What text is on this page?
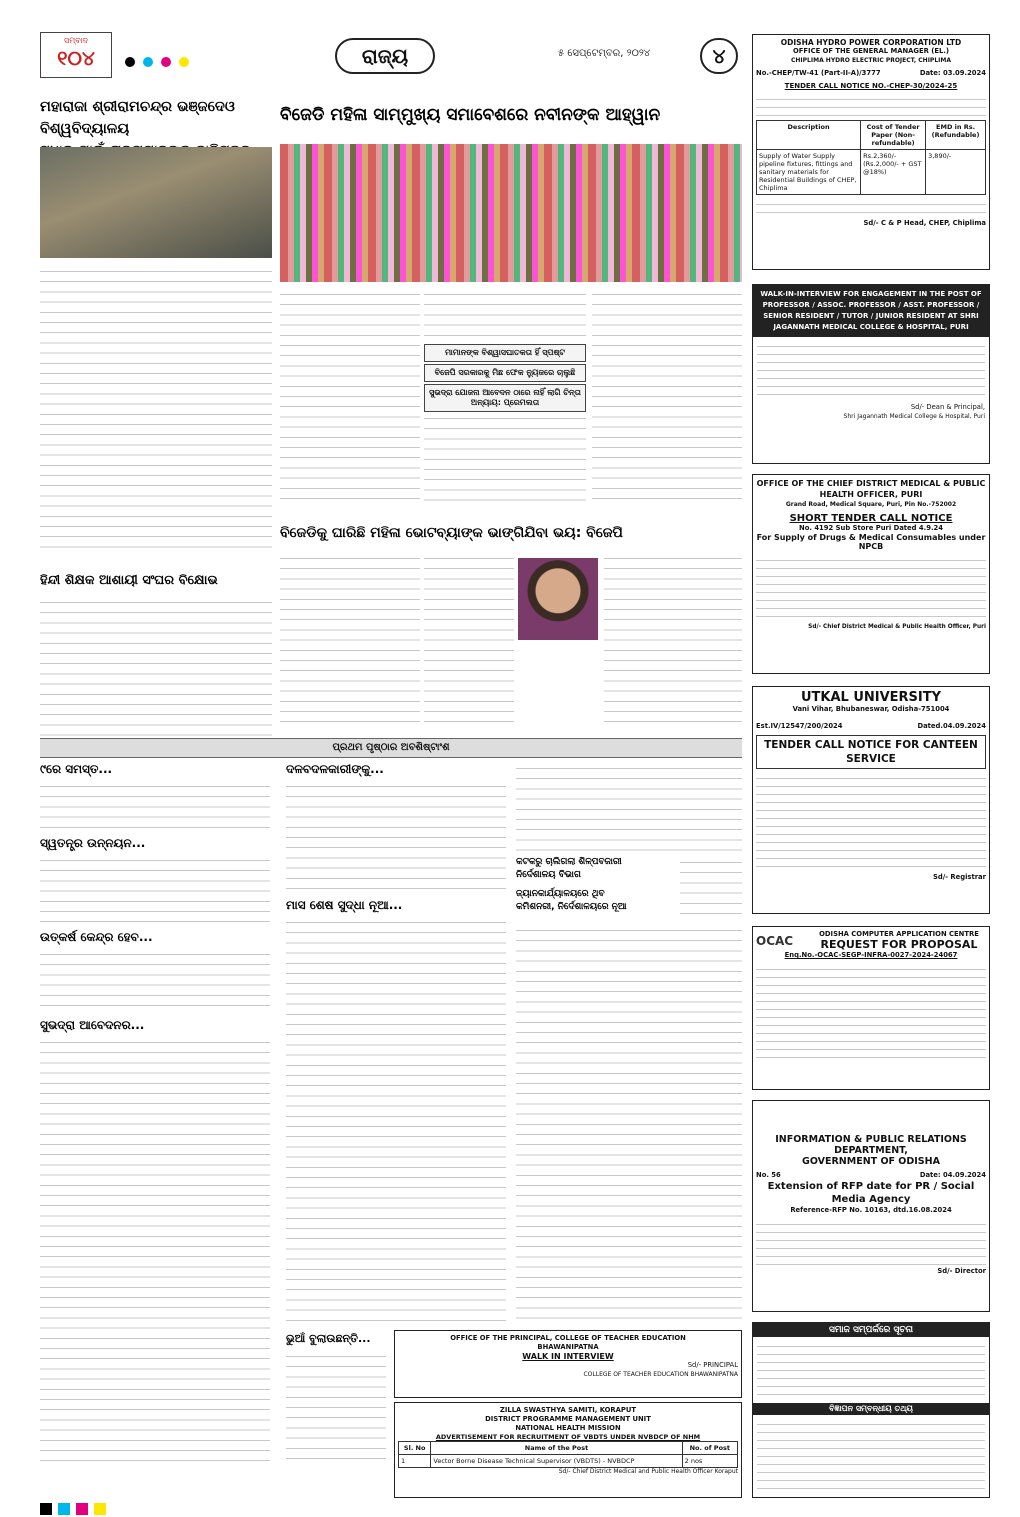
ସମ୍ବାଦ
୧୦୪	ରାଜ୍ୟ	୫ ସେପ୍ଟେମ୍ବର, ୨୦୨୪	୪
ମହାରାଜା ଶ୍ରୀରାମଚନ୍ଦ୍ର ଭଞ୍ଜଦେଓ ବିଶ୍ୱବିଦ୍ୟାଳୟ
ହିନ୍ଦୀ ଶିକ୍ଷକ ଆଶାୟୀ ସଂଘର ବିକ୍ଷୋଭ
ବିଜେଡି ମହିଳା ସାମ୍ମୁଖ୍ୟ ସମାବେଶରେ ନବୀନଙ୍କ ଆହ୍ୱାନ
ମାମାନଙ୍କ ବିଶ୍ୱାସଘାତକତା ହିଁ ସ୍ପଷ୍ଟ
ବିଜେପି ସରକାରକୁ ମିଛ ଫେକ ନ୍ୟୁଜରେ ଚାଲୁଛି
ସୁଭଦ୍ରା ଯୋଜନା ଆବେଦନ ଠାରେ ନାହିଁ ଲାଗି ଚିନ୍ତା
ଅନ୍ୟାୟ: ପ୍ରେମଲତା
ବିଜେଡିକୁ ଘାରିଛି ମହିଳା ଭୋଟବ୍ୟାଙ୍କ ଭାଙ୍ଗିଯିବା ଭୟ: ବିଜେପି
ପ୍ରଥମ ପୃଷ୍ଠାର ଅବଶିଷ୍ଟାଂଶ
୯ରେ ସମସ୍ତ...
ସ୍ୱତନ୍ତ୍ର ଉନ୍ନୟନ...
ଉତ୍କର୍ଷ କେନ୍ଦ୍ର ହେବ...
ସୁଭଦ୍ରା ଆବେଦନର...
ଦଳବଦଳକାରୀଙ୍କୁ...
ମାସ ଶେଷ ସୁଦ୍ଧା ନୂଆ...
କଟକରୁ ଚାଲିଗଲା ଶିଳ୍ପବଜାରୀ
ନିର୍ଦେଶାଳୟ ବିଭାଗ
ଜ୍ୟାନକାର୍ଯ୍ୟାଳୟରେ ଥିବ
କମିଶନରୀ, ନିର୍ଦେଶାଳୟରେ ନୂଆ
OFFICE OF THE PRINCIPAL, COLLEGE OF TEACHER EDUCATION
BHAWANIPATNA
WALK IN INTERVIEW
Sd/- PRINCIPAL
COLLEGE OF TEACHER EDUCATION BHAWANIPATNA
ଭୁଆଁ ବୁଲାଉଛନ୍ତି...
ZILLA SWASTHYA SAMITI, KORAPUT
DISTRICT PROGRAMME MANAGEMENT UNIT
NATIONAL HEALTH MISSION
ADVERTISEMENT FOR RECRUITMENT OF VBDTS UNDER NVBDCP OF NHM
Sl. No	Name of the Post	No. of Post
1	Vector Borne Disease Technical Supervisor (VBDTS) - NVBDCP	2 nos
Sd/- Chief District Medical and Public Health Officer Koraput
ODISHA HYDRO POWER CORPORATION LTD
OFFICE OF THE GENERAL MANAGER (EL.)
CHIPLIMA HYDRO ELECTRIC PROJECT, CHIPLIMA
No.-CHEP/TW-41 (Part-II-A)/3777	Date: 03.09.2024
TENDER CALL NOTICE NO.-CHEP-30/2024-25
Description	Cost of Tender Paper (Non-refundable)	EMD in Rs. (Refundable)
Supply of Water Supply pipeline fixtures, fittings and sanitary materials for Residential Buildings of CHEP, Chiplima	Rs.2,360/- (Rs.2,000/- + GST @18%)	3,890/-
Sd/- C & P Head, CHEP, Chiplima
WALK-IN-INTERVIEW FOR ENGAGEMENT IN THE POST OF PROFESSOR / ASSOC. PROFESSOR / ASST. PROFESSOR / SENIOR RESIDENT / TUTOR / JUNIOR RESIDENT AT SHRI JAGANNATH MEDICAL COLLEGE & HOSPITAL, PURI
Sd/- Dean & Principal,
Shri Jagannath Medical College & Hospital, Puri
OFFICE OF THE CHIEF DISTRICT MEDICAL & PUBLIC HEALTH OFFICER, PURI
Grand Road, Medical Square, Puri, Pin No.-752002
SHORT TENDER CALL NOTICE
No. 4192 Sub Store Puri Dated 4.9.24
For Supply of Drugs & Medical Consumables under NPCB
Sd/- Chief District Medical & Public Health Officer, Puri
UTKAL UNIVERSITY
Vani Vihar, Bhubaneswar, Odisha-751004
Est.IV/12547/200/2024	Dated.04.09.2024
TENDER CALL NOTICE FOR CANTEEN SERVICE
Sd/- Registrar
OCAC	ODISHA COMPUTER APPLICATION CENTRE
REQUEST FOR PROPOSAL
Enq.No.-OCAC-SEGP-INFRA-0027-2024-24067
INFORMATION & PUBLIC RELATIONS
DEPARTMENT,
GOVERNMENT OF ODISHA
No. 56	Date: 04.09.2024
Extension of RFP date for PR / Social Media Agency
Reference-RFP No. 10163, dtd.16.08.2024
Sd/- Director
ସମାଜ ସମ୍ପର୍କରେ ସୂଚନା
ବିଜ୍ଞାପନ ସମ୍ବନ୍ଧୀୟ ତଥ୍ୟ
